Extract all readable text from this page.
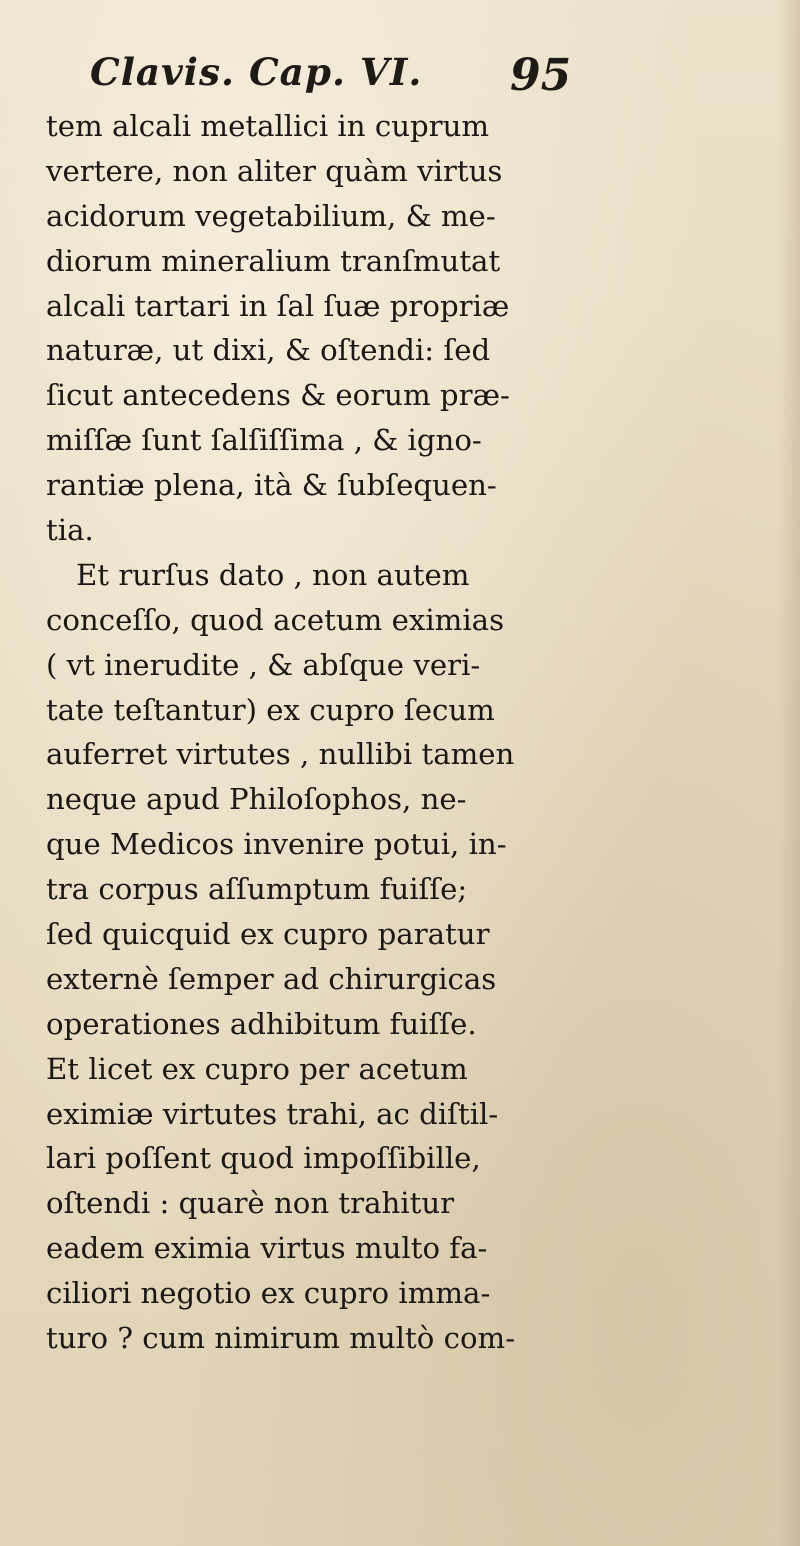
Clavis. Cap. VI. 95
tem alcali metallici in cuprum
vertere, non aliter quàm virtus
acidorum vegetabilium, & me-
diorum mineralium tranſmutat
alcali tartari in ſal ſuæ propriæ
naturæ, ut dixi, & oſtendi: ſed
ſicut antecedens & eorum præ-
miſſæ ſunt ſalſiſſima , & igno-
rantiæ plena, ità & ſubſequen-
tia.
Et rurſus dato , non autem
conceſſo, quod acetum eximias
( vt inerudite , & abſque veri-
tate teſtantur) ex cupro ſecum
auferret virtutes , nullibi tamen
neque apud Philoſophos, ne-
que Medicos invenire potui, in-
tra corpus aſſumptum fuiſſe;
ſed quicquid ex cupro paratur
externè ſemper ad chirurgicas
operationes adhibitum fuiſſe.
Et licet ex cupro per acetum
eximiæ virtutes trahi, ac diſtil-
lari poſſent quod impoſſibille,
oſtendi : quarè non trahitur
eadem eximia virtus multo fa-
ciliori negotio ex cupro imma-
turo ? cum nimirum multò com-
